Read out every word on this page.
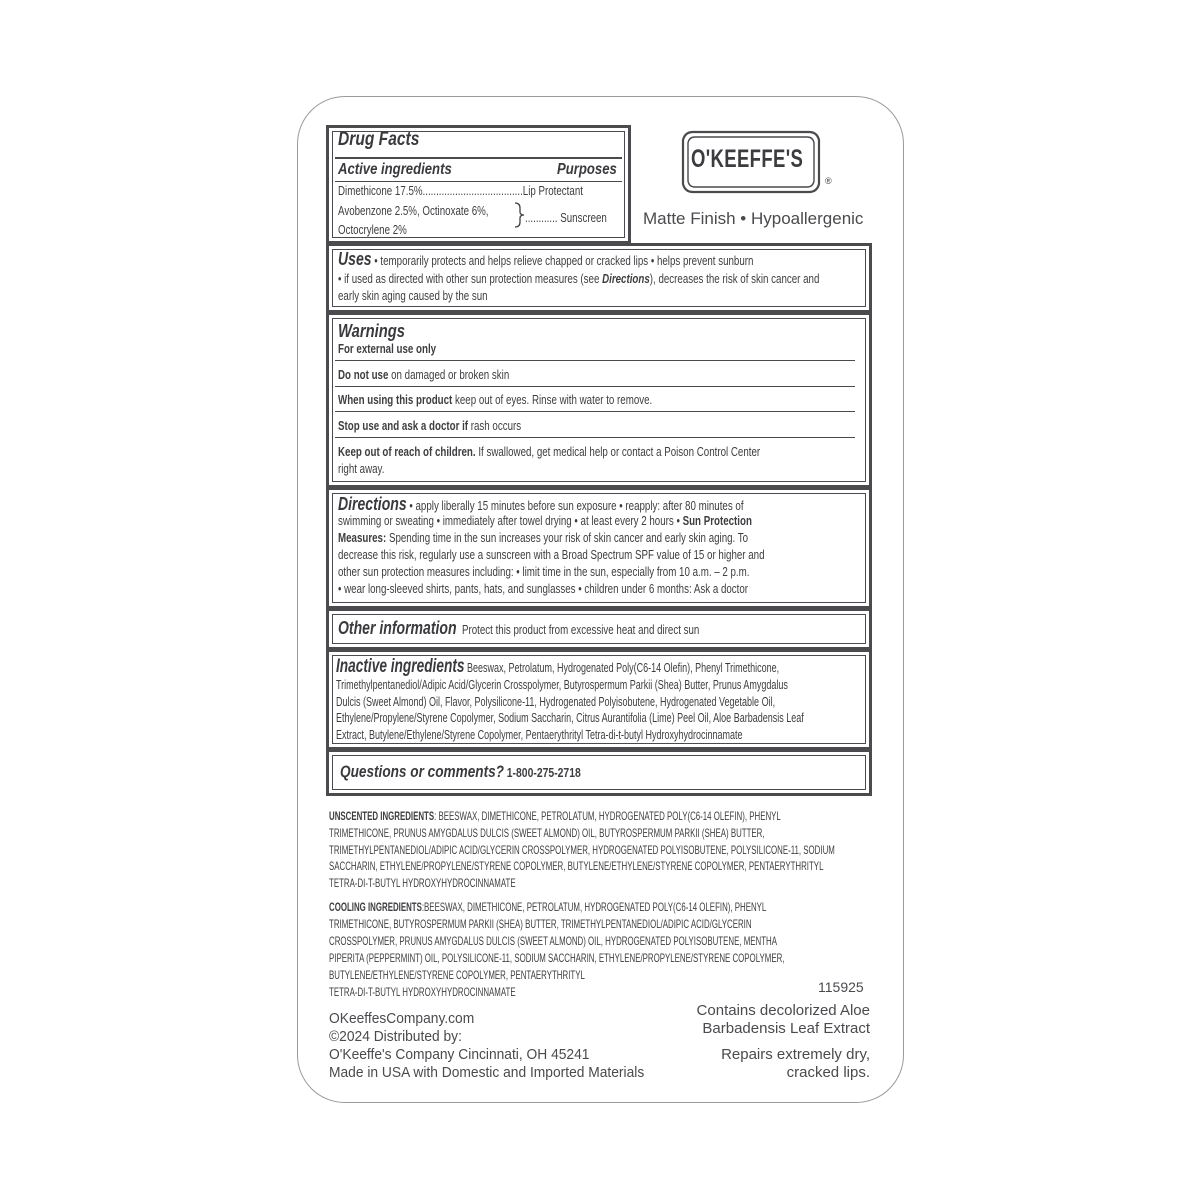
Drug Facts
Active ingredients	Purposes
Dimethicone 17.5%.....................................Lip Protectant
Avobenzone 2.5%, Octinoxate 6%,
Octocrylene 2%
............ Sunscreen
O'KEEFFE'S
®
Matte Finish • Hypoallergenic
Uses • temporarily protects and helps relieve chapped or cracked lips • helps prevent sunburn
• if used as directed with other sun protection measures (see Directions), decreases the risk of skin cancer and
early skin aging caused by the sun
Warnings
For external use only
Do not use on damaged or broken skin
When using this product keep out of eyes. Rinse with water to remove.
Stop use and ask a doctor if rash occurs
Keep out of reach of children. If swallowed, get medical help or contact a Poison Control Center
right away.
Directions • apply liberally 15 minutes before sun exposure • reapply: after 80 minutes of
swimming or sweating • immediately after towel drying • at least every 2 hours • Sun Protection
Measures: Spending time in the sun increases your risk of skin cancer and early skin aging. To
decrease this risk, regularly use a sunscreen with a Broad Spectrum SPF value of 15 or higher and
other sun protection measures including: • limit time in the sun, especially from 10 a.m. – 2 p.m.
• wear long-sleeved shirts, pants, hats, and sunglasses • children under 6 months: Ask a doctor
Other information Protect this product from excessive heat and direct sun
Inactive ingredients Beeswax, Petrolatum, Hydrogenated Poly(C6-14 Olefin), Phenyl Trimethicone,
Trimethylpentanediol/Adipic Acid/Glycerin Crosspolymer, Butyrospermum Parkii (Shea) Butter, Prunus Amygdalus
Dulcis (Sweet Almond) Oil, Flavor, Polysilicone-11, Hydrogenated Polyisobutene, Hydrogenated Vegetable Oil,
Ethylene/Propylene/Styrene Copolymer, Sodium Saccharin, Citrus Aurantifolia (Lime) Peel Oil, Aloe Barbadensis Leaf
Extract, Butylene/Ethylene/Styrene Copolymer, Pentaerythrityl Tetra-di-t-butyl Hydroxyhydrocinnamate
Questions or comments? 1-800-275-2718
UNSCENTED INGREDIENTS: BEESWAX, DIMETHICONE, PETROLATUM, HYDROGENATED POLY(C6-14 OLEFIN), PHENYL
TRIMETHICONE, PRUNUS AMYGDALUS DULCIS (SWEET ALMOND) OIL, BUTYROSPERMUM PARKII (SHEA) BUTTER,
TRIMETHYLPENTANEDIOL/ADIPIC ACID/GLYCERIN CROSSPOLYMER, HYDROGENATED POLYISOBUTENE, POLYSILICONE-11, SODIUM
SACCHARIN, ETHYLENE/PROPYLENE/STYRENE COPOLYMER, BUTYLENE/ETHYLENE/STYRENE COPOLYMER, PENTAERYTHRITYL
TETRA-DI-T-BUTYL HYDROXYHYDROCINNAMATE
COOLING INGREDIENTS:BEESWAX, DIMETHICONE, PETROLATUM, HYDROGENATED POLY(C6-14 OLEFIN), PHENYL
TRIMETHICONE, BUTYROSPERMUM PARKII (SHEA) BUTTER, TRIMETHYLPENTANEDIOL/ADIPIC ACID/GLYCERIN
CROSSPOLYMER, PRUNUS AMYGDALUS DULCIS (SWEET ALMOND) OIL, HYDROGENATED POLYISOBUTENE, MENTHA
PIPERITA (PEPPERMINT) OIL, POLYSILICONE-11, SODIUM SACCHARIN, ETHYLENE/PROPYLENE/STYRENE COPOLYMER,
BUTYLENE/ETHYLENE/STYRENE COPOLYMER, PENTAERYTHRITYL
TETRA-DI-T-BUTYL HYDROXYHYDROCINNAMATE	115925
OKeeffesCompany.com
©2024 Distributed by:
O'Keeffe's Company Cincinnati, OH 45241
Made in USA with Domestic and Imported Materials
Contains decolorized Aloe
Barbadensis Leaf Extract
Repairs extremely dry,
cracked lips.
